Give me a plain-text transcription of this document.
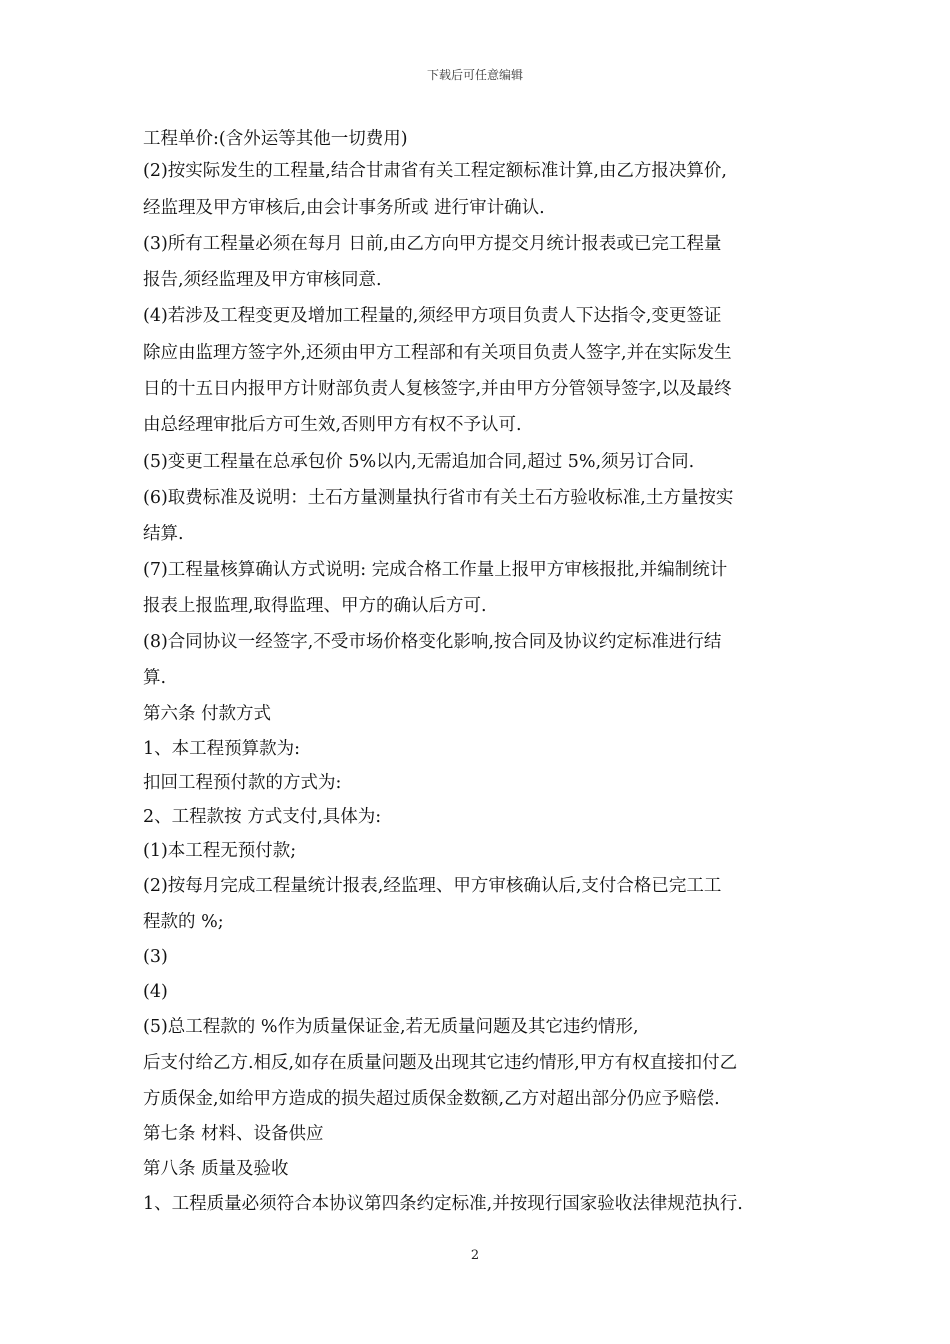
下载后可任意编辑
工程单价:(含外运等其他一切费用)
(2)按实际发生的工程量,结合甘肃省有关工程定额标准计算,由乙方报决算价,
经监理及甲方审核后,由会计事务所或 进行审计确认.
(3)所有工程量必须在每月 日前,由乙方向甲方提交月统计报表或已完工程量
报告,须经监理及甲方审核同意.
(4)若涉及工程变更及增加工程量的,须经甲方项目负责人下达指令,变更签证
除应由监理方签字外,还须由甲方工程部和有关项目负责人签字,并在实际发生
日的十五日内报甲方计财部负责人复核签字,并由甲方分管领导签字,以及最终
由总经理审批后方可生效,否则甲方有权不予认可.
(5)变更工程量在总承包价 5%以内,无需追加合同,超过 5%,须另订合同.
(6)取费标准及说明：土石方量测量执行省市有关土石方验收标准,土方量按实
结算.
(7)工程量核算确认方式说明: 完成合格工作量上报甲方审核报批,并编制统计
报表上报监理,取得监理、甲方的确认后方可.
(8)合同协议一经签字,不受市场价格变化影响,按合同及协议约定标准进行结
算.
第六条 付款方式
1、本工程预算款为:
扣回工程预付款的方式为:
2、工程款按 方式支付,具体为:
(1)本工程无预付款;
(2)按每月完成工程量统计报表,经监理、甲方审核确认后,支付合格已完工工
程款的 %;
(3)
(4)
(5)总工程款的 %作为质量保证金,若无质量问题及其它违约情形,
后支付给乙方.相反,如存在质量问题及出现其它违约情形,甲方有权直接扣付乙
方质保金,如给甲方造成的损失超过质保金数额,乙方对超出部分仍应予赔偿.
第七条 材料、设备供应
第八条 质量及验收
1、工程质量必须符合本协议第四条约定标准,并按现行国家验收法律规范执行.
2
